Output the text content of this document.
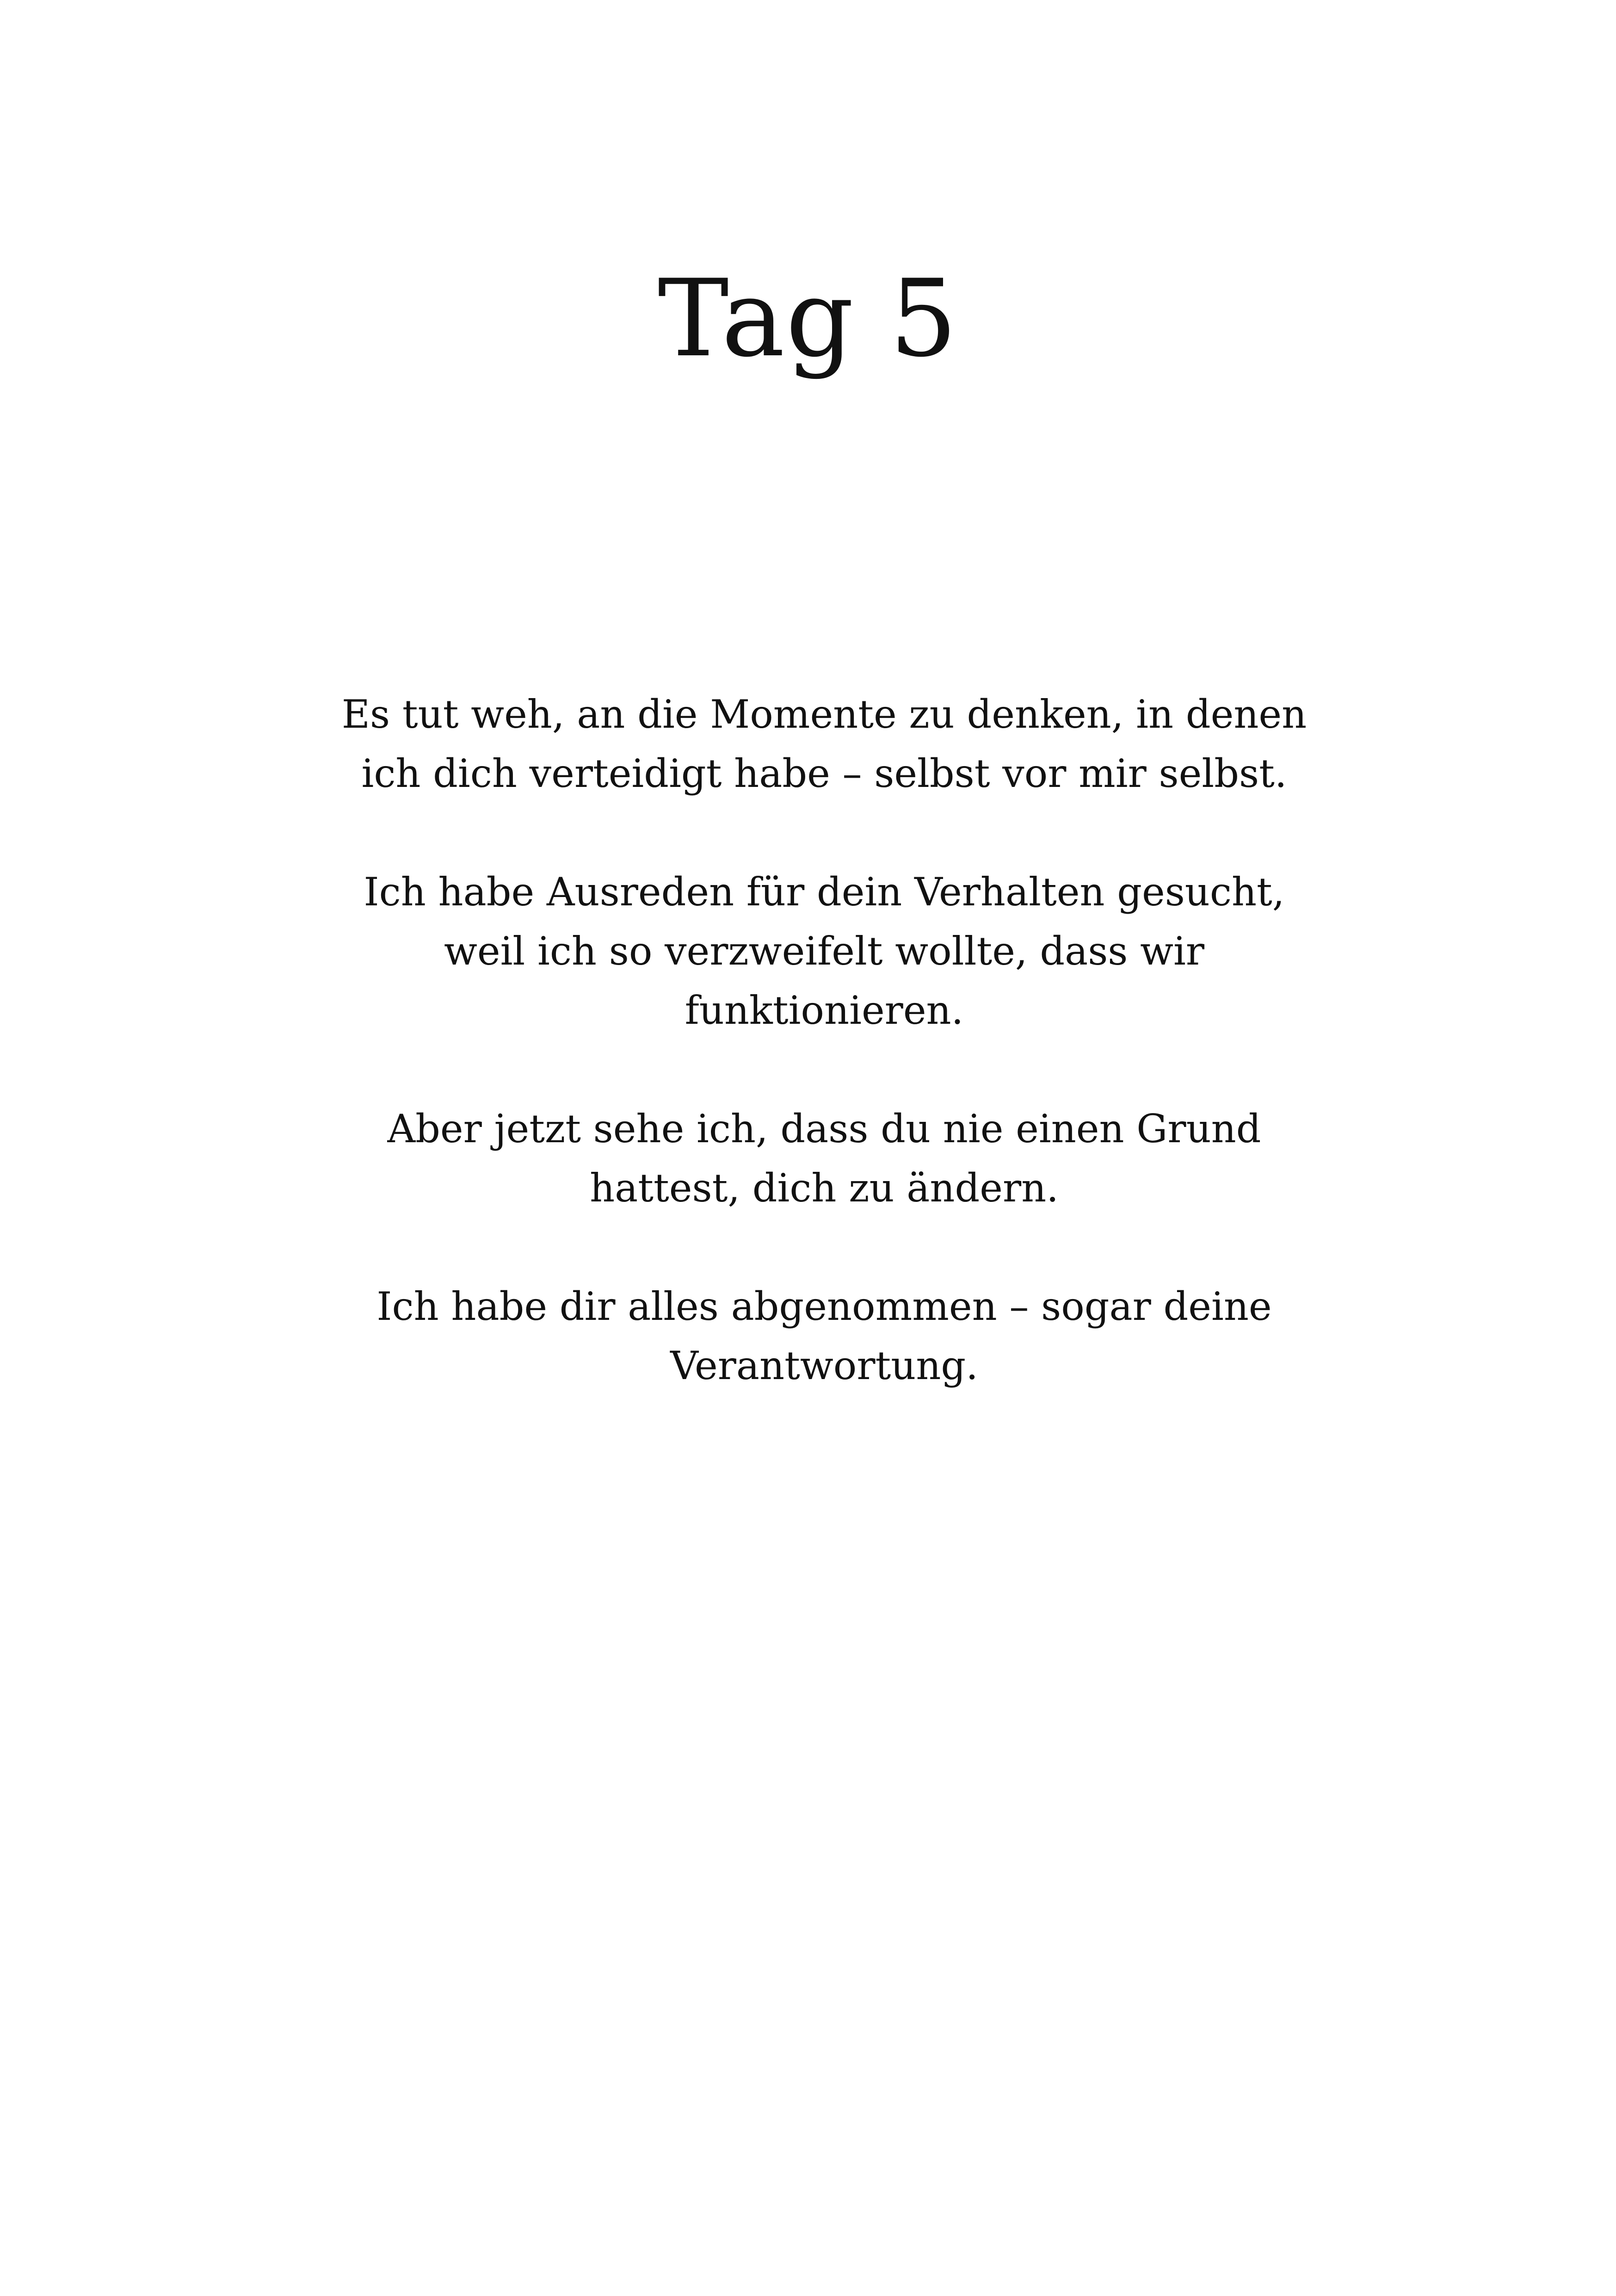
Tag 5

Es tut weh, an die Momente zu denken, in denen
ich dich verteidigt habe – selbst vor mir selbst.

Ich habe Ausreden für dein Verhalten gesucht,
weil ich so verzweifelt wollte, dass wir
funktionieren.

Aber jetzt sehe ich, dass du nie einen Grund
hattest, dich zu ändern.

Ich habe dir alles abgenommen – sogar deine
Verantwortung.
